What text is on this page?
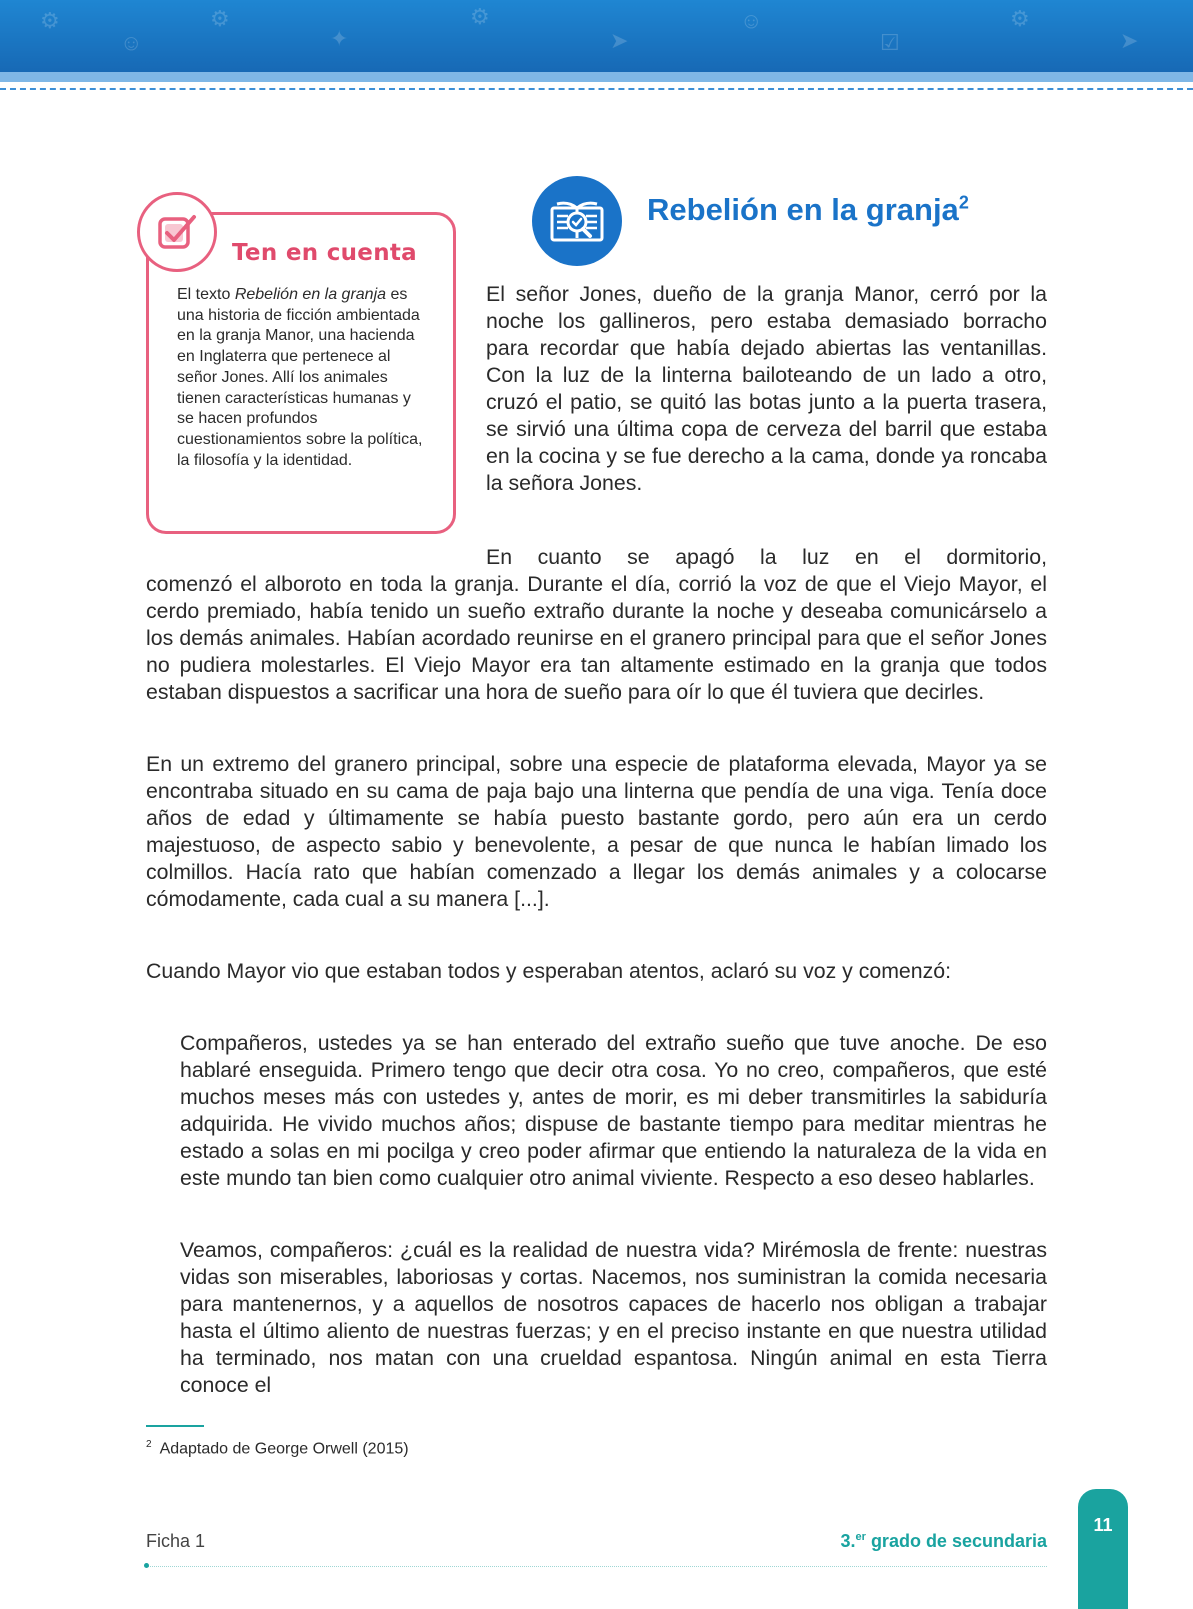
⚙
☺
⚙
✦
⚙
➤
☺
☑
⚙
➤
Ten en cuenta
El texto Rebelión en la granja es una historia de ficción ambientada en la granja Manor, una hacienda en Inglaterra que pertenece al señor Jones. Allí los animales tienen características humanas y se hacen profundos cuestionamientos sobre la política, la filosofía y la identidad.
Rebelión en la granja$^2$
El señor Jones, dueño de la granja Manor, cerró por la noche los gallineros, pero estaba demasiado borracho para recordar que había dejado abiertas las ventanillas. Con la luz de la linterna bailoteando de un lado a otro, cruzó el patio, se quitó las botas junto a la puerta trasera, se sirvió una última copa de cerveza del barril que estaba en la cocina y se fue derecho a la cama, donde ya roncaba la señora Jones.
En cuanto se apagó la luz en el dormitorio,
comenzó el alboroto en toda la granja. Durante el día, corrió la voz de que el Viejo Mayor, el cerdo premiado, había tenido un sueño extraño durante la noche y deseaba comunicárselo a los demás animales. Habían acordado reunirse en el granero principal para que el señor Jones no pudiera molestarles. El Viejo Mayor era tan altamente estimado en la granja que todos estaban dispuestos a sacrificar una hora de sueño para oír lo que él tuviera que decirles.
En un extremo del granero principal, sobre una especie de plataforma elevada, Mayor ya se encontraba situado en su cama de paja bajo una linterna que pendía de una viga. Tenía doce años de edad y últimamente se había puesto bastante gordo, pero aún era un cerdo majestuoso, de aspecto sabio y benevolente, a pesar de que nunca le habían limado los colmillos. Hacía rato que habían comenzado a llegar los demás animales y a colocarse cómodamente, cada cual a su manera [...].
Cuando Mayor vio que estaban todos y esperaban atentos, aclaró su voz y comenzó:
Compañeros, ustedes ya se han enterado del extraño sueño que tuve anoche. De eso hablaré enseguida. Primero tengo que decir otra cosa. Yo no creo, compañeros, que esté muchos meses más con ustedes y, antes de morir, es mi deber transmitirles la sabiduría adquirida. He vivido muchos años; dispuse de bastante tiempo para meditar mientras he estado a solas en mi pocilga y creo poder afirmar que entiendo la naturaleza de la vida en este mundo tan bien como cualquier otro animal viviente. Respecto a eso deseo hablarles.
Veamos, compañeros: ¿cuál es la realidad de nuestra vida? Mirémosla de frente: nuestras vidas son miserables, laboriosas y cortas. Nacemos, nos suministran la comida necesaria para mantenernos, y a aquellos de nosotros capaces de hacerlo nos obligan a trabajar hasta el último aliento de nuestras fuerzas; y en el preciso instante en que nuestra utilidad ha terminado, nos matan con una crueldad espantosa. Ningún animal en esta Tierra conoce el
$^2$ Adaptado de George Orwell (2015)
Ficha 1	3.$^{er}$ grado de secundaria
11
